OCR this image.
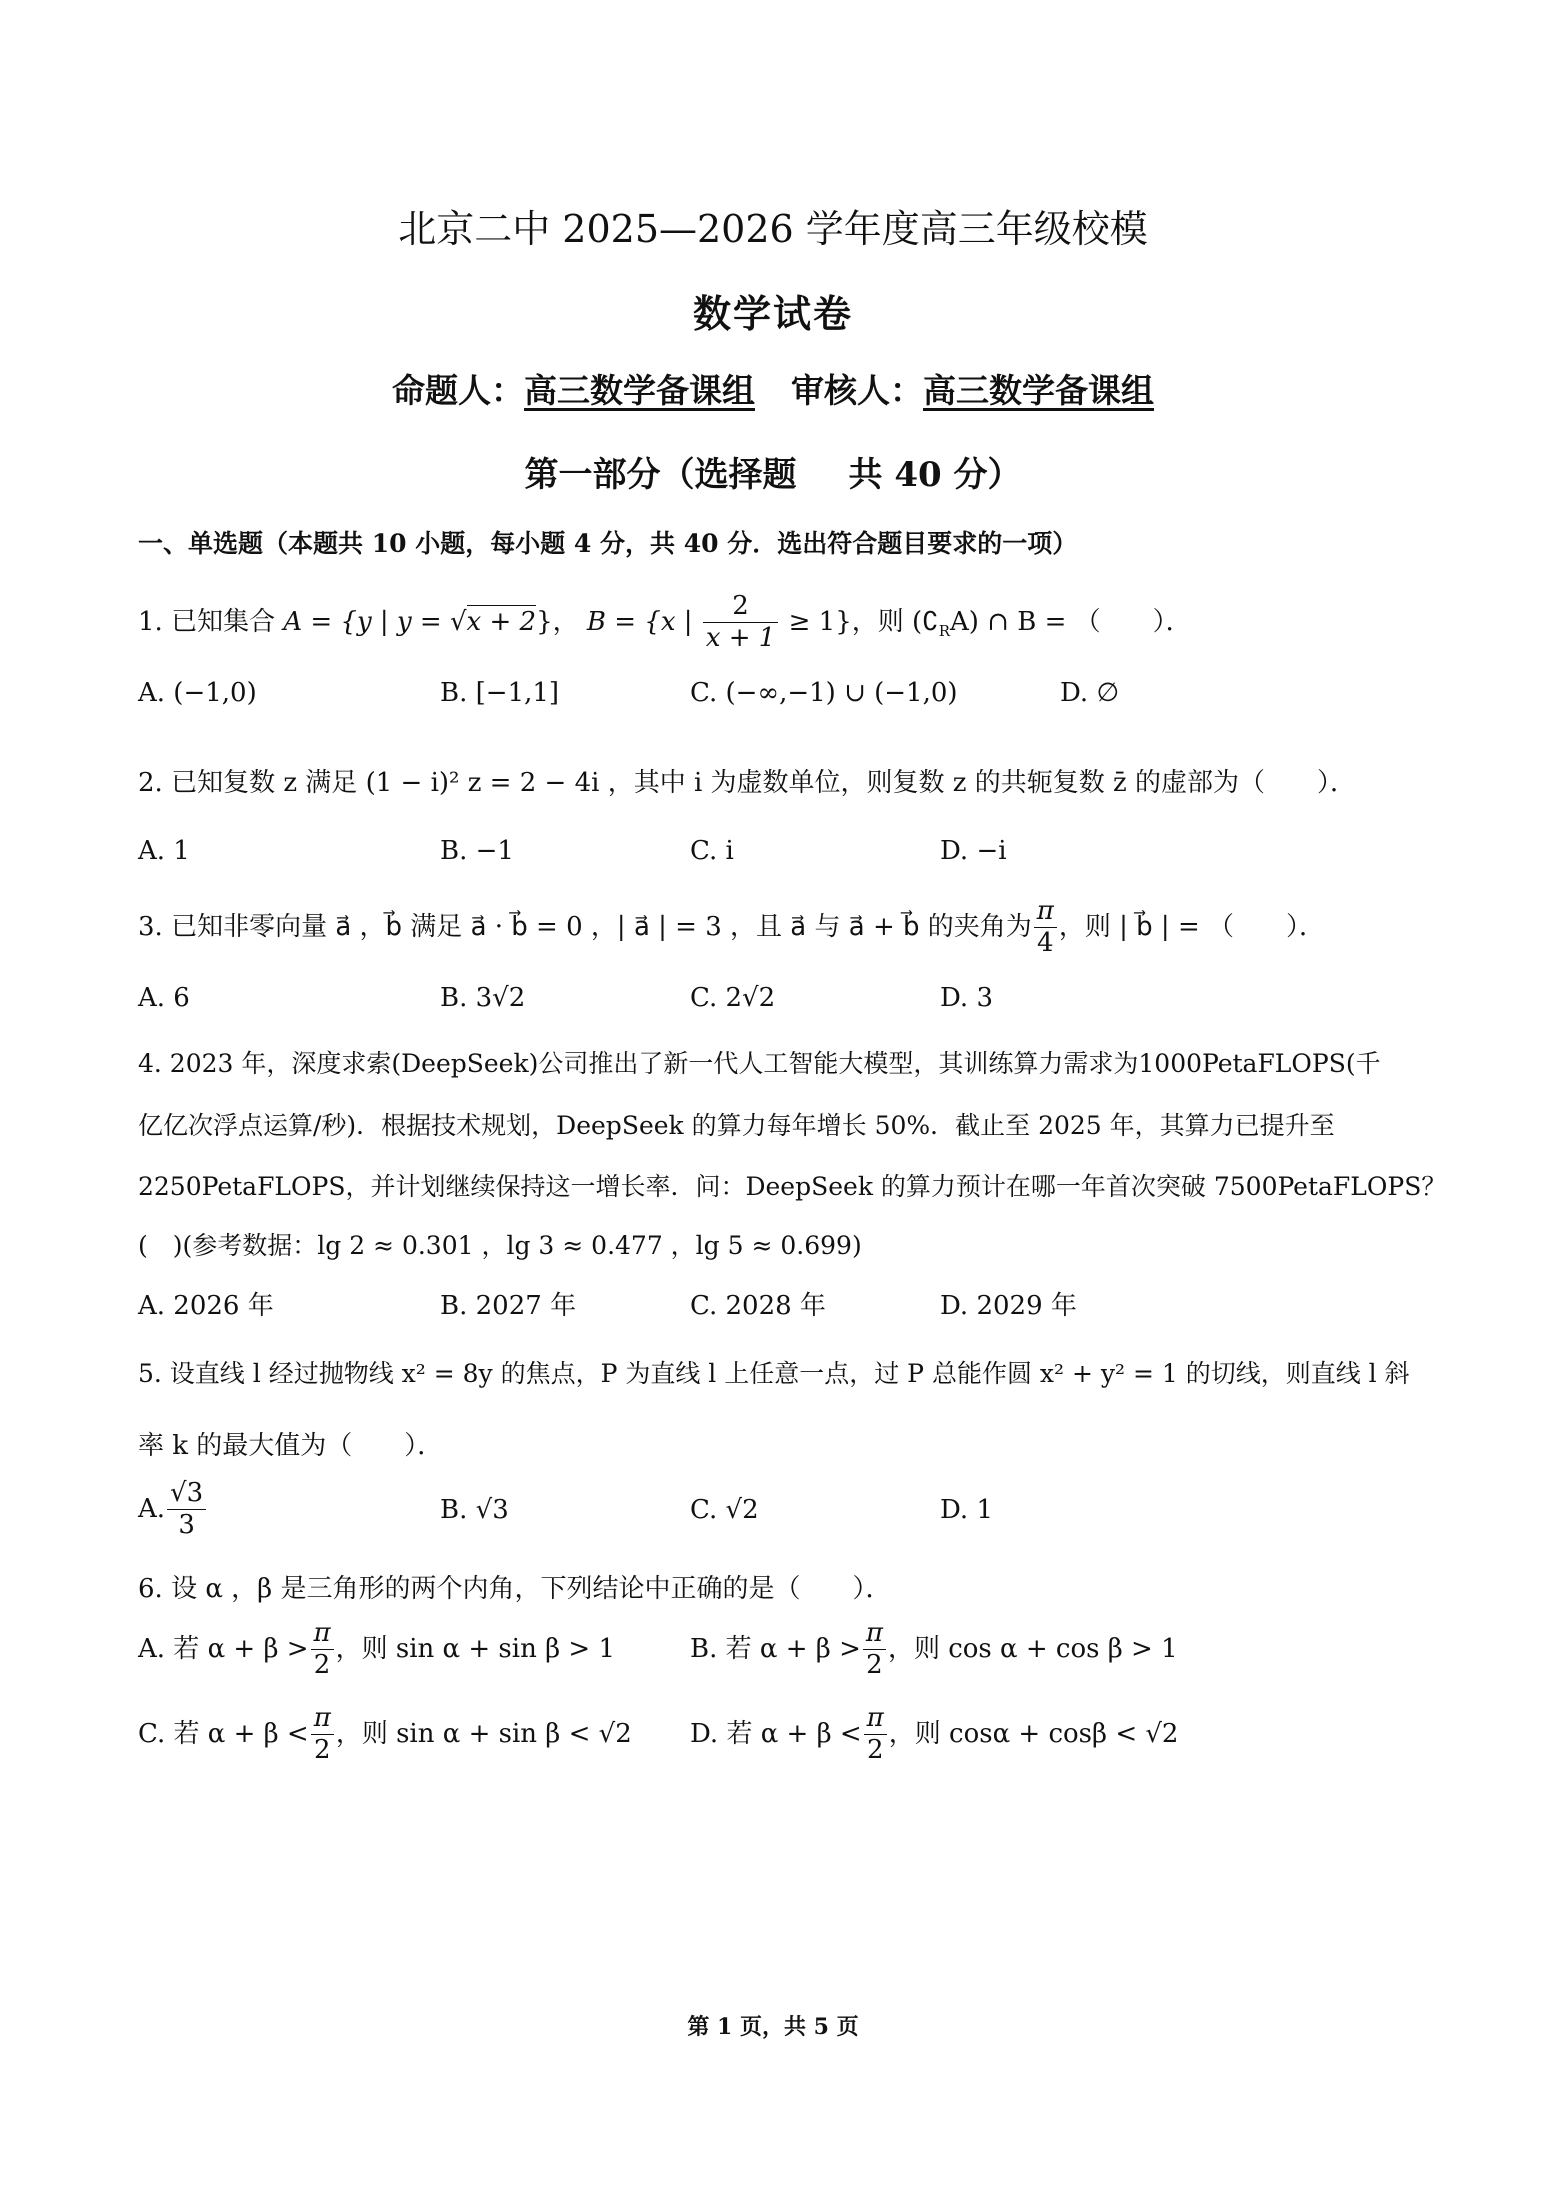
北京二中 2025—2026 学年度高三年级校模
数学试卷
命题人：高三数学备课组 审核人：高三数学备课组
第一部分（选择题 共 40 分）
一、单选题（本题共 10 小题，每小题 4 分，共 40 分．选出符合题目要求的一项）
1. 已知集合 A = {y | y = √x + 2}， B = {x | $\frac{2}{x + 1} \ge 1$}，则 $(∁_RA)$ ∩ B = （　　）．
A. (−1,0)	B. [−1,1]	C. (−∞,−1) ∪ (−1,0)	D. ∅
2. 已知复数 z 满足 (1 − i)² z = 2 − 4i ，其中 i 为虚数单位，则复数 z 的共轭复数 z̄ 的虚部为（　　）．
A. 1	B. −1	C. i	D. −i
3. 已知非零向量 a⃗ ，b⃗ 满足 a⃗ · b⃗ = 0 ，| a⃗ | = 3 ，且 a⃗ 与 a⃗ + b⃗ 的夹角为 $\frac{\pi}{4}$ ，则 | b⃗ | = （　　）．
A. 6	B. 3√2	C. 2√2	D. 3
4. 2023 年，深度求索(DeepSeek)公司推出了新一代人工智能大模型，其训练算力需求为1000PetaFLOPS(千
亿亿次浮点运算/秒)．根据技术规划，DeepSeek 的算力每年增长 50%．截止至 2025 年，其算力已提升至
2250PetaFLOPS，并计划继续保持这一增长率．问：DeepSeek 的算力预计在哪一年首次突破 7500PetaFLOPS？
(　)(参考数据：lg 2 ≈ 0.301 ，lg 3 ≈ 0.477 ，lg 5 ≈ 0.699)
A. 2026 年	B. 2027 年	C. 2028 年	D. 2029 年
5. 设直线 l 经过抛物线 x² = 8y 的焦点，P 为直线 l 上任意一点，过 P 总能作圆 x² + y² = 1 的切线，则直线 l 斜
率 k 的最大值为（　　）．
A. $\frac{√3}{3}$	B. √3	C. √2	D. 1
6. 设 α ，β 是三角形的两个内角，下列结论中正确的是（　　）．
A. 若 $\alpha + \beta > \frac{\pi}{2}$ ，则 sin α + sin β > 1	B. 若 $\alpha + \beta > \frac{\pi}{2}$ ，则 cos α + cos β > 1
C. 若 $\alpha + \beta < \frac{\pi}{2}$ ，则 sin α + sin β < √2 D. 若 $\alpha + \beta < \frac{\pi}{2}$ ，则 cosα + cosβ < √2
第 1 页，共 5 页
